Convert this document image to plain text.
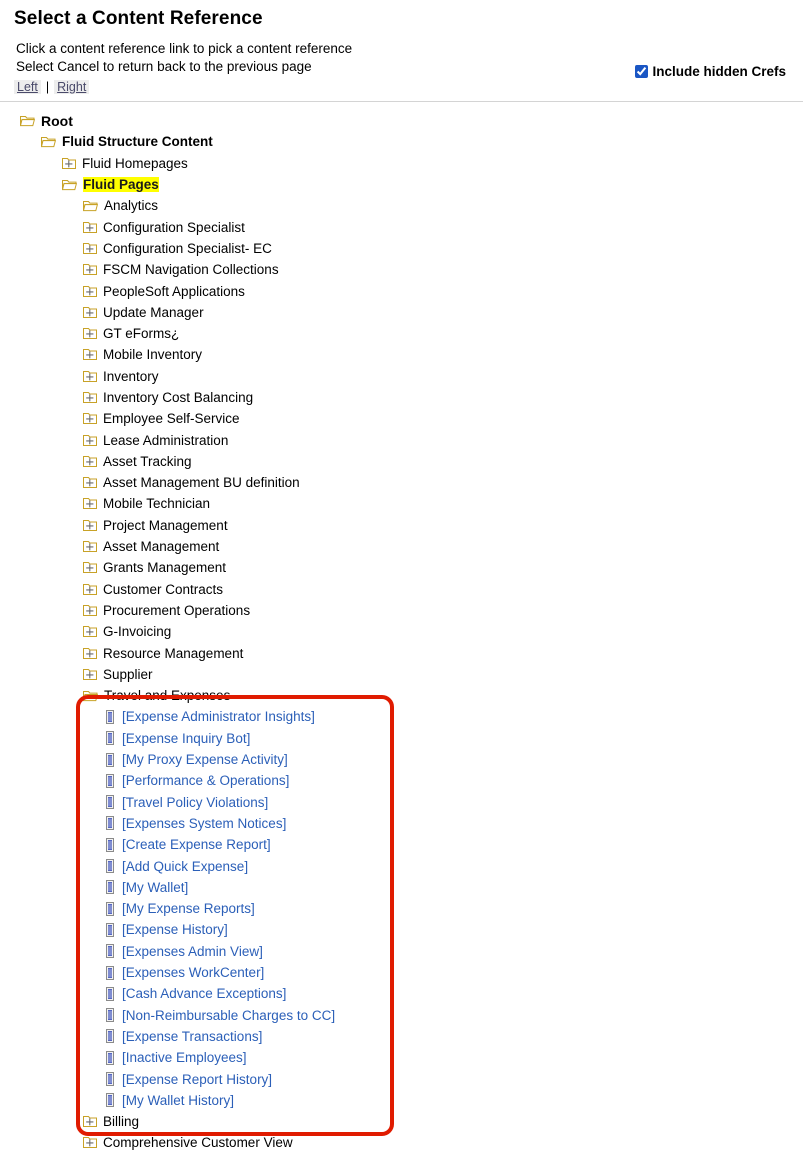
Select a Content Reference
Click a content reference link to pick a content reference
Select Cancel to return back to the previous page	Include hidden Crefs
Left | Right
Root
Fluid Structure Content
Fluid Homepages
Fluid Pages
Analytics
Configuration Specialist
Configuration Specialist- EC
FSCM Navigation Collections
PeopleSoft Applications
Update Manager
GT eForms¿
Mobile Inventory
Inventory
Inventory Cost Balancing
Employee Self-Service
Lease Administration
Asset Tracking
Asset Management BU definition
Mobile Technician
Project Management
Asset Management
Grants Management
Customer Contracts
Procurement Operations
G-Invoicing
Resource Management
Supplier
Travel and Expenses
[Expense Administrator Insights]
[Expense Inquiry Bot]
[My Proxy Expense Activity]
[Performance & Operations]
[Travel Policy Violations]
[Expenses System Notices]
[Create Expense Report]
[Add Quick Expense]
[My Wallet]
[My Expense Reports]
[Expense History]
[Expenses Admin View]
[Expenses WorkCenter]
[Cash Advance Exceptions]
[Non-Reimbursable Charges to CC]
[Expense Transactions]
[Inactive Employees]
[Expense Report History]
[My Wallet History]
Billing
Comprehensive Customer View
